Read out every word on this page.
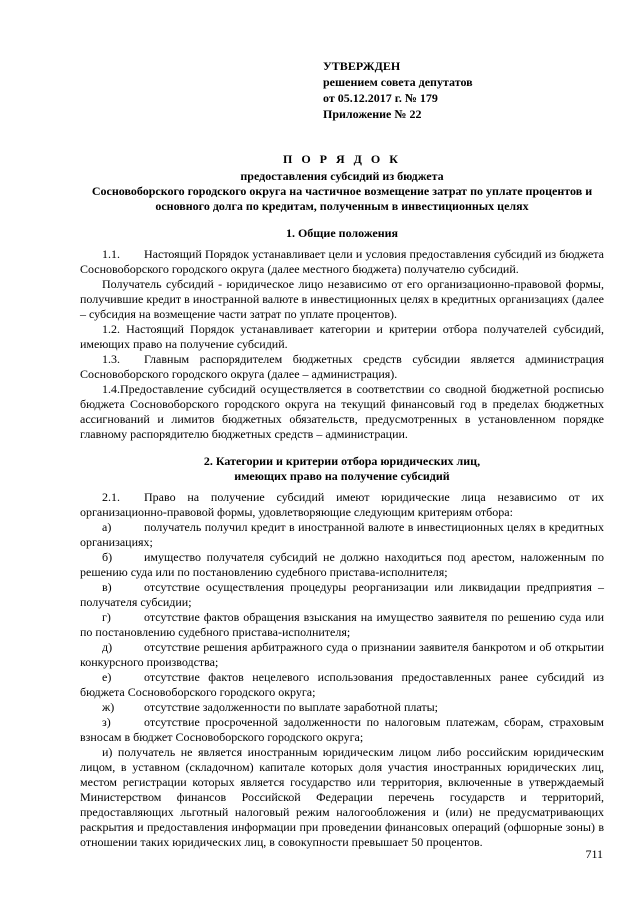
УТВЕРЖДЕН
решением совета депутатов
от 05.12.2017 г. № 179
Приложение № 22
П О Р Я Д О К
предоставления субсидий из бюджета
Сосновоборского городского округа на частичное возмещение затрат по уплате процентов и основного долга по кредитам, полученным в инвестиционных целях
1. Общие положения

1.1. Настоящий Порядок устанавливает цели и условия предоставления субсидий из бюджета Сосновоборского городского округа (далее местного бюджета) получателю субсидий.

Получатель субсидий - юридическое лицо независимо от его организационно-правовой формы, получившие кредит в иностранной валюте в инвестиционных целях в кредитных организациях (далее – субсидия на возмещение части затрат по уплате процентов).

1.2. Настоящий Порядок устанавливает категории и критерии отбора получателей субсидий, имеющих право на получение субсидий.

1.3. Главным распорядителем бюджетных средств субсидии является администрация Сосновоборского городского округа (далее – администрация).

1.4.Предоставление субсидий осуществляется в соответствии со сводной бюджетной росписью бюджета Сосновоборского городского округа на текущий финансовый год в пределах бюджетных ассигнований и лимитов бюджетных обязательств, предусмотренных в установленном порядке главному распорядителю бюджетных средств – администрации.

2. Категории и критерии отбора юридических лиц,
имеющих право на получение субсидий

2.1. Право на получение субсидий имеют юридические лица независимо от их организационно-правовой формы, удовлетворяющие следующим критериям отбора:

а)	получатель получил кредит в иностранной валюте в инвестиционных целях в кредитных организациях;

б)	имущество получателя субсидий не должно находиться под арестом, наложенным по решению суда или по постановлению судебного пристава-исполнителя;

в)	отсутствие осуществления процедуры реорганизации или ликвидации предприятия – получателя субсидии;

г)	отсутствие фактов обращения взыскания на имущество заявителя по решению суда или по постановлению судебного пристава-исполнителя;

д)	отсутствие решения арбитражного суда о признании заявителя банкротом и об открытии конкурсного производства;

е)	отсутствие фактов нецелевого использования предоставленных ранее субсидий из бюджета Сосновоборского городского округа;

ж) отсутствие задолженности по выплате заработной платы;

з)	отсутствие просроченной задолженности по налоговым платежам, сборам, страховым взносам в бюджет Сосновоборского городского округа;

и) получатель не является иностранным юридическим лицом либо российским юридическим лицом, в уставном (складочном) капитале которых доля участия иностранных юридических лиц, местом регистрации которых является государство или территория, включенные в утверждаемый Министерством финансов Российской Федерации перечень государств и территорий, предоставляющих льготный налоговый режим налогообложения и (или) не предусматривающих раскрытия и предоставления информации при проведении финансовых операций (офшорные зоны) в отношении таких юридических лиц, в совокупности превышает 50 процентов.

711
